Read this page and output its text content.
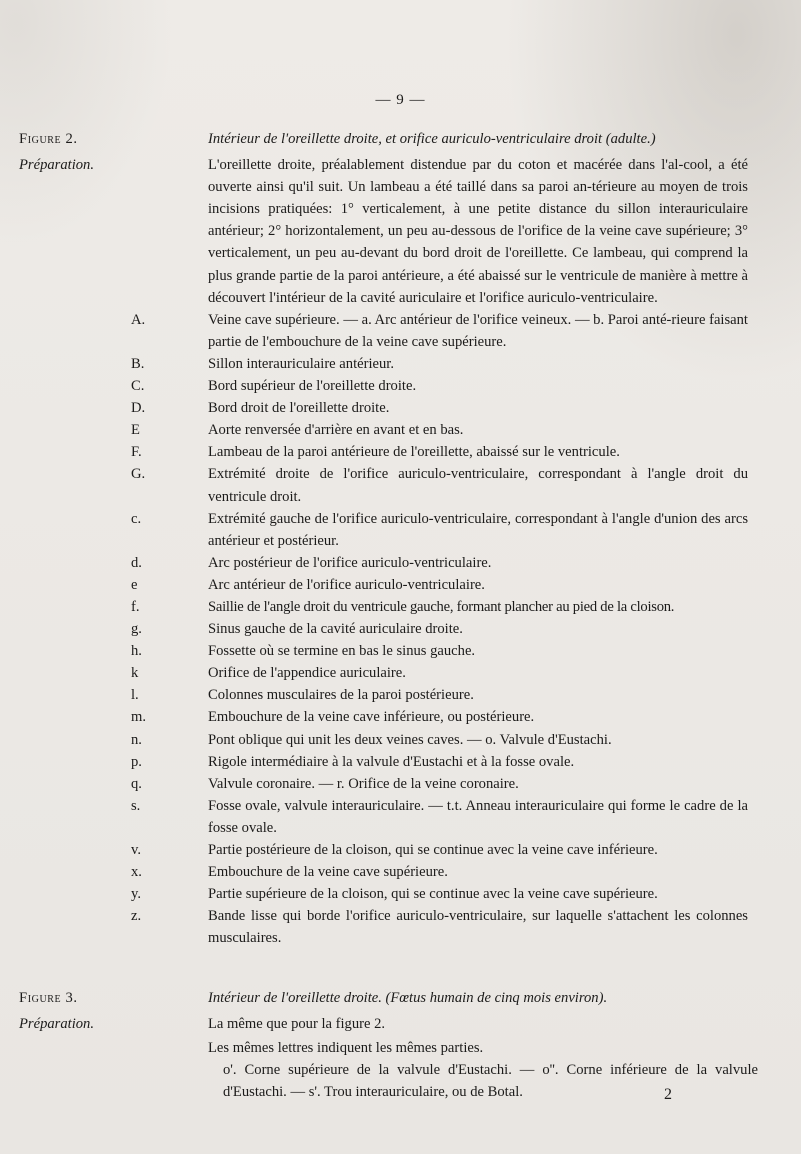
— 9 —
Figure 2.	Intérieur de l'oreillette droite, et orifice auriculo-ventriculaire droit (adulte.)
Préparation.	L'oreillette droite, préalablement distendue par du coton et macérée dans l'al-cool, a été ouverte ainsi qu'il suit. Un lambeau a été taillé dans sa paroi an-térieure au moyen de trois incisions pratiquées: 1° verticalement, à une petite distance du sillon interauriculaire antérieur; 2° horizontalement, un peu au-dessous de l'orifice de la veine cave supérieure; 3° verticalement, un peu au-devant du bord droit de l'oreillette. Ce lambeau, qui comprend la plus grande partie de la paroi antérieure, a été abaissé sur le ventricule de manière à mettre à découvert l'intérieur de la cavité auriculaire et l'orifice auriculo-ventriculaire.
A.	Veine cave supérieure. — a. Arc antérieur de l'orifice veineux. — b. Paroi anté-rieure faisant partie de l'embouchure de la veine cave supérieure.
B.	Sillon interauriculaire antérieur.
C.	Bord supérieur de l'oreillette droite.
D.	Bord droit de l'oreillette droite.
E	Aorte renversée d'arrière en avant et en bas.
F.	Lambeau de la paroi antérieure de l'oreillette, abaissé sur le ventricule.
G.	Extrémité droite de l'orifice auriculo-ventriculaire, correspondant à l'angle droit du ventricule droit.
c.	Extrémité gauche de l'orifice auriculo-ventriculaire, correspondant à l'angle d'union des arcs antérieur et postérieur.
d.	Arc postérieur de l'orifice auriculo-ventriculaire.
e	Arc antérieur de l'orifice auriculo-ventriculaire.
f.	Saillie de l'angle droit du ventricule gauche, formant plancher au pied de la cloison.
g.	Sinus gauche de la cavité auriculaire droite.
h.	Fossette où se termine en bas le sinus gauche.
k	Orifice de l'appendice auriculaire.
l.	Colonnes musculaires de la paroi postérieure.
m.	Embouchure de la veine cave inférieure, ou postérieure.
n.	Pont oblique qui unit les deux veines caves. — o. Valvule d'Eustachi.
p.	Rigole intermédiaire à la valvule d'Eustachi et à la fosse ovale.
q.	Valvule coronaire. — r. Orifice de la veine coronaire.
s.	Fosse ovale, valvule interauriculaire. — t.t. Anneau interauriculaire qui forme le cadre de la fosse ovale.
v.	Partie postérieure de la cloison, qui se continue avec la veine cave inférieure.
x.	Embouchure de la veine cave supérieure.
y.	Partie supérieure de la cloison, qui se continue avec la veine cave supérieure.
z.	Bande lisse qui borde l'orifice auriculo-ventriculaire, sur laquelle s'attachent les colonnes musculaires.
Figure 3.	Intérieur de l'oreillette droite. (Fœtus humain de cinq mois environ).
Préparation.	La même que pour la figure 2.
Les mêmes lettres indiquent les mêmes parties.
o'. Corne supérieure de la valvule d'Eustachi. — o''. Corne inférieure de la valvule d'Eustachi. — s'. Trou interauriculaire, ou de Botal.	2
